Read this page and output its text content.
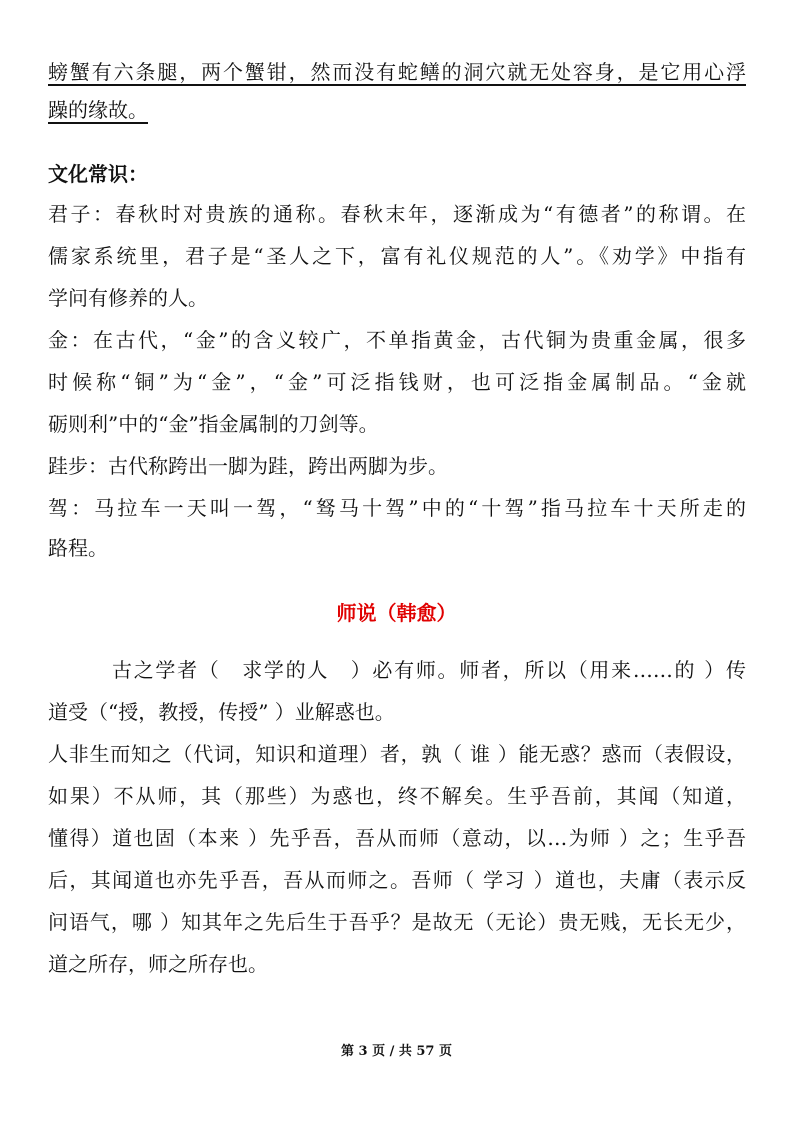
螃蟹有六条腿，两个蟹钳，然而没有蛇鳝的洞穴就无处容身，是它用心浮
躁的缘故。
文化常识：
君子：春秋时对贵族的通称。春秋末年，逐渐成为“有德者”的称谓。在
儒家系统里，君子是“圣人之下，富有礼仪规范的人”。《劝学》中指有
学问有修养的人。
金：在古代，“金”的含义较广，不单指黄金，古代铜为贵重金属，很多
时候称“铜”为“金”，“金”可泛指钱财，也可泛指金属制品。“金就
砺则利”中的“金”指金属制的刀剑等。
跬步：古代称跨出一脚为跬，跨出两脚为步。
驾：马拉车一天叫一驾，“驽马十驾”中的“十驾”指马拉车十天所走的
路程。
师说（韩愈）
古之学者（　求学的人　）必有师。师者，所以（用来……的 ）传
道受（“授，教授，传授” ）业解惑也。
人非生而知之（代词，知识和道理）者，孰（ 谁 ）能无惑？惑而（表假设，
如果）不从师，其（那些）为惑也，终不解矣。生乎吾前，其闻（知道，
懂得）道也固（本来 ）先乎吾，吾从而师（意动，以…为师 ）之；生乎吾
后，其闻道也亦先乎吾，吾从而师之。吾师（ 学习 ）道也，夫庸（表示反
问语气，哪 ）知其年之先后生于吾乎？是故无（无论）贵无贱，无长无少，
道之所存，师之所存也。
第 3 页 / 共 57 页
